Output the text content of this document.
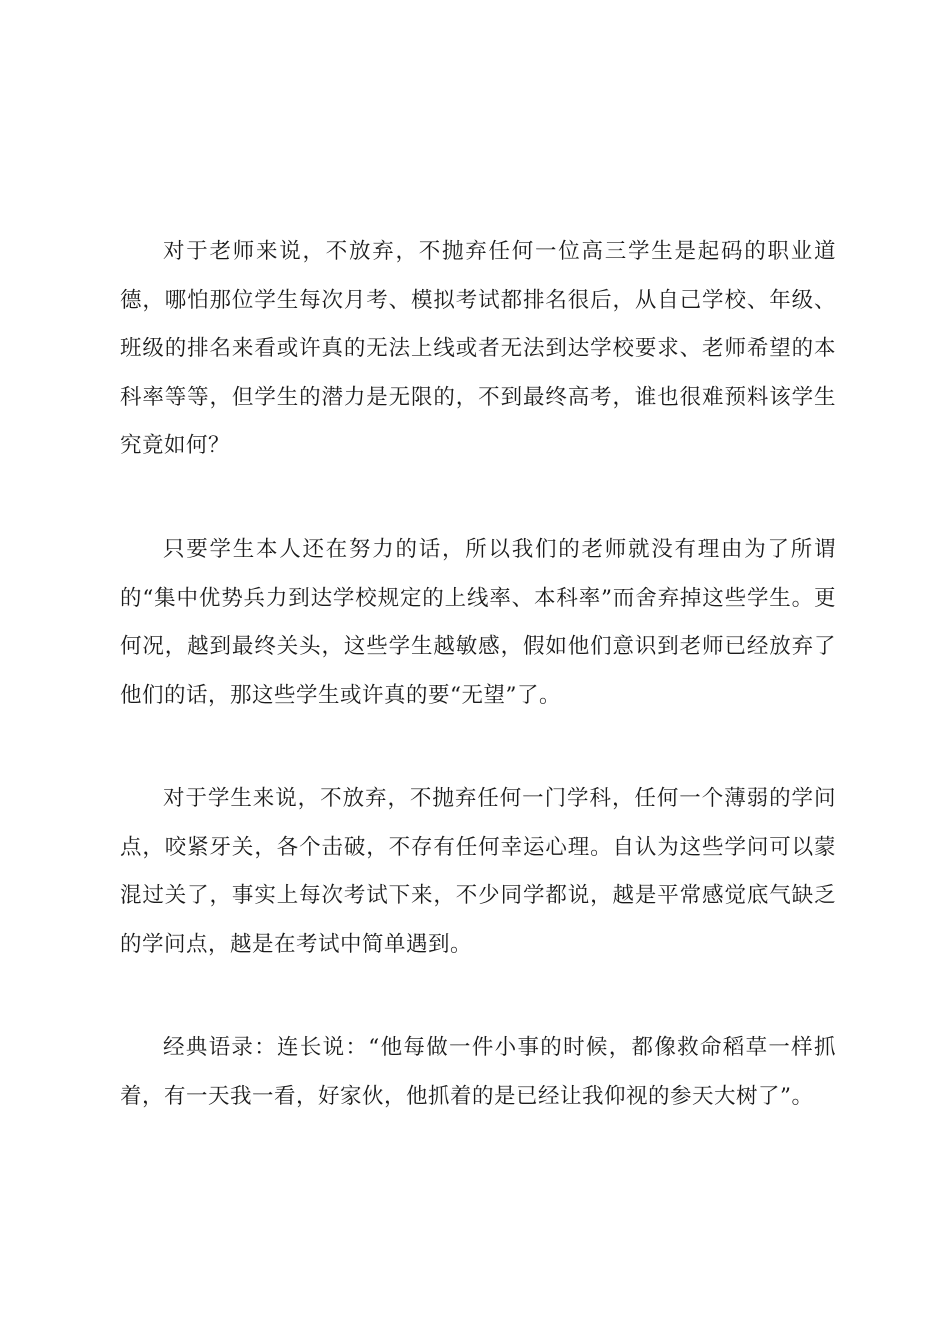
对于老师来说，不放弃，不抛弃任何一位高三学生是起码的职业道德，哪怕那位学生每次月考、模拟考试都排名很后，从自己学校、年级、班级的排名来看或许真的无法上线或者无法到达学校要求、老师希望的本科率等等，但学生的潜力是无限的，不到最终高考，谁也很难预料该学生究竟如何？

只要学生本人还在努力的话，所以我们的老师就没有理由为了所谓的“集中优势兵力到达学校规定的上线率、本科率”而舍弃掉这些学生。更何况，越到最终关头，这些学生越敏感，假如他们意识到老师已经放弃了他们的话，那这些学生或许真的要“无望”了。

对于学生来说，不放弃，不抛弃任何一门学科，任何一个薄弱的学问点，咬紧牙关，各个击破，不存有任何幸运心理。自认为这些学问可以蒙混过关了，事实上每次考试下来，不少同学都说，越是平常感觉底气缺乏的学问点，越是在考试中简单遇到。

经典语录：连长说：“他每做一件小事的时候，都像救命稻草一样抓着，有一天我一看，好家伙，他抓着的是已经让我仰视的参天大树了”。
